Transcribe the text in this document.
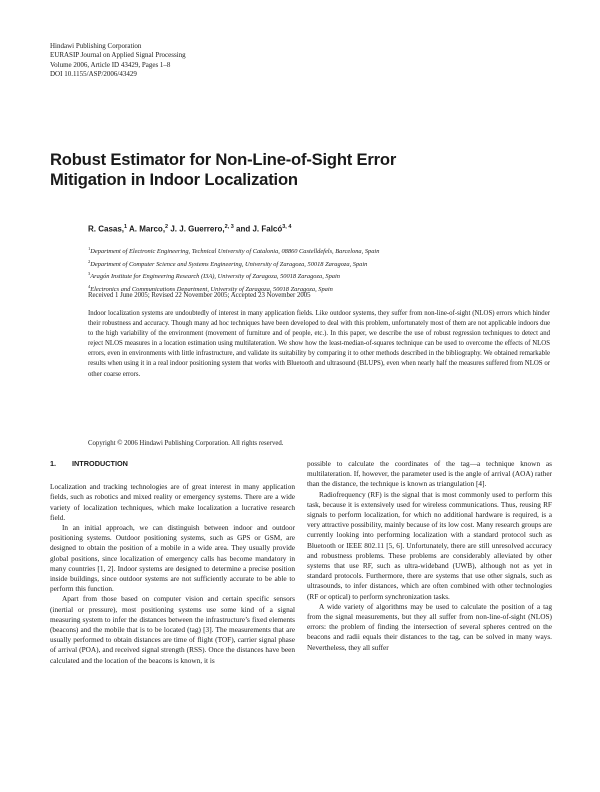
Hindawi Publishing Corporation
EURASIP Journal on Applied Signal Processing
Volume 2006, Article ID 43429, Pages 1–8
DOI 10.1155/ASP/2006/43429
Robust Estimator for Non-Line-of-Sight Error
Mitigation in Indoor Localization
R. Casas,$^1$ A. Marco,$^2$ J. J. Guerrero,$^{2, 3}$ and J. Falcó$^{3, 4}$
$^1$Department of Electronic Engineering, Technical University of Catalonia, 08860 Castelldefels, Barcelona, Spain
$^2$Department of Computer Science and Systems Engineering, University of Zaragoza, 50018 Zaragoza, Spain
$^3$Aragón Institute for Engineering Research (I3A), University of Zaragoza, 50018 Zaragoza, Spain
$^4$Electronics and Communications Department, University of Zaragoza, 50018 Zaragoza, Spain
Received 1 June 2005; Revised 22 November 2005; Accepted 23 November 2005

Indoor localization systems are undoubtedly of interest in many application fields. Like outdoor systems, they suffer from non-line-of-sight (NLOS) errors which hinder their robustness and accuracy. Though many ad hoc techniques have been developed to deal with this problem, unfortunately most of them are not applicable indoors due to the high variability of the environment (movement of furniture and of people, etc.). In this paper, we describe the use of robust regression techniques to detect and reject NLOS measures in a location estimation using multilateration. We show how the least-median-of-squares technique can be used to overcome the effects of NLOS errors, even in environments with little infrastructure, and validate its suitability by comparing it to other methods described in the bibliography. We obtained remarkable results when using it in a real indoor positioning system that works with Bluetooth and ultrasound (BLUPS), even when nearly half the measures suffered from NLOS or other coarse errors.

Copyright © 2006 Hindawi Publishing Corporation. All rights reserved.
1. INTRODUCTION

Localization and tracking technologies are of great interest in many application fields, such as robotics and mixed reality or emergency systems. There are a wide variety of localization techniques, which make localization a lucrative research field.

In an initial approach, we can distinguish between indoor and outdoor positioning systems. Outdoor positioning systems, such as GPS or GSM, are designed to obtain the position of a mobile in a wide area. They usually provide global positions, since localization of emergency calls has become mandatory in many countries [1, 2]. Indoor systems are designed to determine a precise position inside buildings, since outdoor systems are not sufficiently accurate to be able to perform this function.

Apart from those based on computer vision and certain specific sensors (inertial or pressure), most positioning systems use some kind of a signal measuring system to infer the distances between the infrastructure’s fixed elements (beacons) and the mobile that is to be located (tag) [3]. The measurements that are usually performed to obtain distances are time of flight (TOF), carrier signal phase of arrival (POA), and received signal strength (RSS). Once the distances have been calculated and the location of the beacons is known, it is

possible to calculate the coordinates of the tag—a technique known as multilateration. If, however, the parameter used is the angle of arrival (AOA) rather than the distance, the technique is known as triangulation [4].

Radiofrequency (RF) is the signal that is most commonly used to perform this task, because it is extensively used for wireless communications. Thus, reusing RF signals to perform localization, for which no additional hardware is required, is a very attractive possibility, mainly because of its low cost. Many research groups are currently looking into performing localization with a standard protocol such as Bluetooth or IEEE 802.11 [5, 6]. Unfortunately, there are still unresolved accuracy and robustness problems. These problems are considerably alleviated by other systems that use RF, such as ultra-wideband (UWB), although not as yet in standard protocols. Furthermore, there are systems that use other signals, such as ultrasounds, to infer distances, which are often combined with other technologies (RF or optical) to perform synchronization tasks.

A wide variety of algorithms may be used to calculate the position of a tag from the signal measurements, but they all suffer from non-line-of-sight (NLOS) errors: the problem of finding the intersection of several spheres centred on the beacons and radii equals their distances to the tag, can be solved in many ways. Nevertheless, they all suffer
